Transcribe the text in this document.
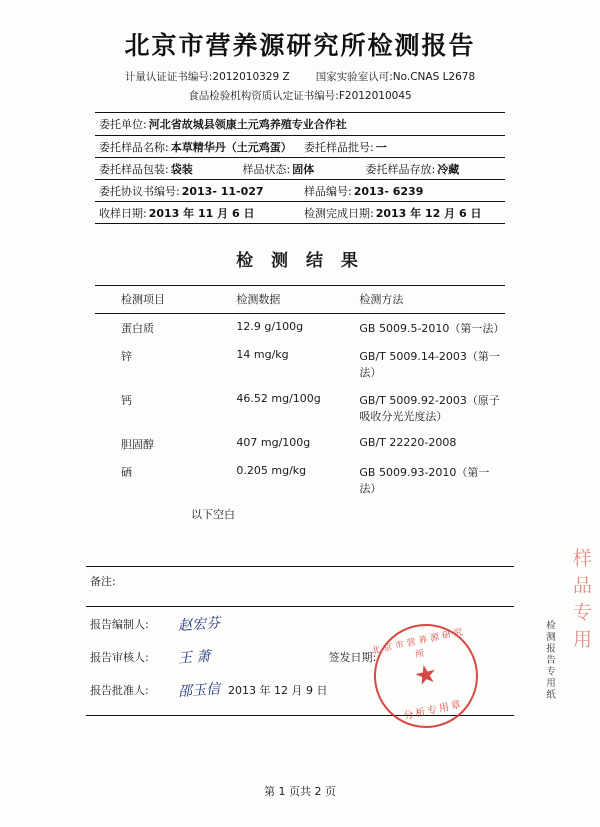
北京市营养源研究所检测报告
计量认证证书编号:2012010329 Z 国家实验室认可:No.CNAS L2678
食品检验机构资质认定证书编号:F2012010045
委托单位: 河北省故城县领康土元鸡养殖专业合作社
委托样品名称: 本草精华丹（土元鸡蛋） 委托样品批号: 一
委托样品包装: 袋装	样品状态: 固体	委托样品存放: 冷藏
委托协议书编号: 2013- 11-027	样品编号: 2013- 6239
收样日期: 2013 年 11 月 6 日	检测完成日期: 2013 年 12 月 6 日
检 测 结 果
检测项目	检测数据	检测方法
蛋白质	12.9 g/100g	GB 5009.5-2010（第一法）
锌	14 mg/kg	GB/T 5009.14-2003（第一法）
钙	46.52 mg/100g	GB/T 5009.92-2003（原子吸收分光光度法）
胆固醇	407 mg/100g	GB/T 22220-2008
硒	0.205 mg/kg	GB 5009.93-2010（第一法）
以下空白
备注:
报告编制人:	赵宏芬
报告审核人:	王 萧	签发日期:
报告批准人:	邵玉信 2013 年 12 月 9 日
北京市营养源研究所
★
分析专用章
检测报告专用纸
样品专用
第 1 页共 2 页
